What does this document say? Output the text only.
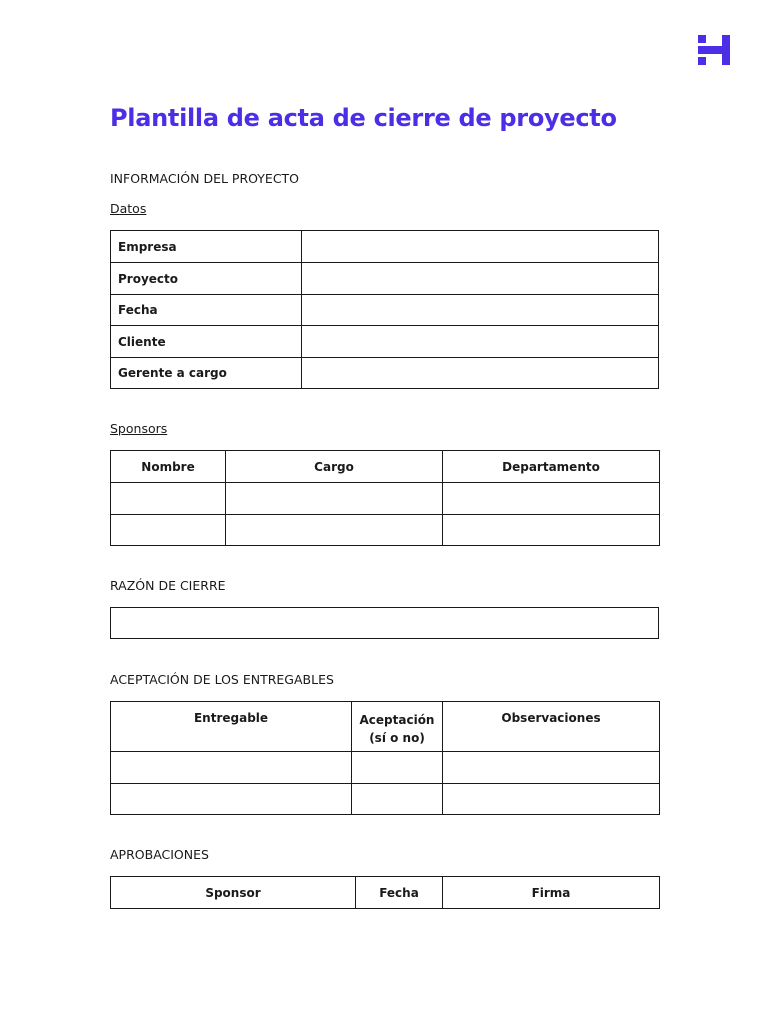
Plantilla de acta de cierre de proyecto
INFORMACIÓN DEL PROYECTO
Datos
Empresa	
Proyecto	
Fecha	
Cliente	
Gerente a cargo	
Sponsors
Nombre	Cargo	Departamento

RAZÓN DE CIERRE
ACEPTACIÓN DE LOS ENTREGABLES
Entregable	Aceptación (sí o no)	Observaciones

APROBACIONES
Sponsor	Fecha	Firma
